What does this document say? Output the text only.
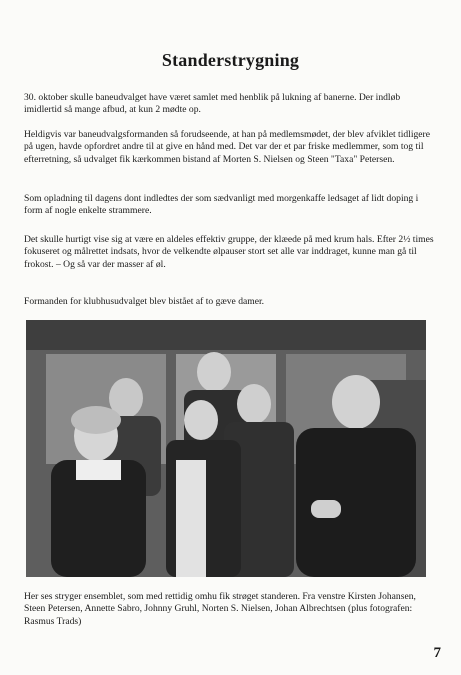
Standerstrygning
30. oktober skulle baneudvalget have været samlet med henblik på lukning af banerne. Der indløb imidlertid så mange afbud, at kun 2 mødte op.
Heldigvis var baneudvalgsformanden så forudseende, at han på medlemsmødet, der blev afviklet tidligere på ugen, havde opfordret andre til at give en hånd med. Det var der et par friske medlemmer, som tog til efterretning, så udvalget fik kærkommen bistand af Morten S. Nielsen og Steen "Taxa" Petersen.
Som opladning til dagens dont indledtes der som sædvanligt med morgenkaffe ledsaget af lidt doping i form af nogle enkelte strammere.
Det skulle hurtigt vise sig at være en aldeles effektiv gruppe, der klæede på med krum hals. Efter 2½ times fokuseret og målrettet indsats, hvor de velkendte ølpauser stort set alle var inddraget, kunne man gå til frokost. – Og så var der masser af øl.
Formanden for klubhusudvalget blev bistået af to gæve damer.
Her ses stryger ensemblet, som med rettidig omhu fik strøget standeren. Fra venstre Kirsten Johansen, Steen Petersen, Annette Sabro, Johnny Gruhl, Norten S. Nielsen, Johan Albrechtsen (plus fotografen: Rasmus Trads)
7
